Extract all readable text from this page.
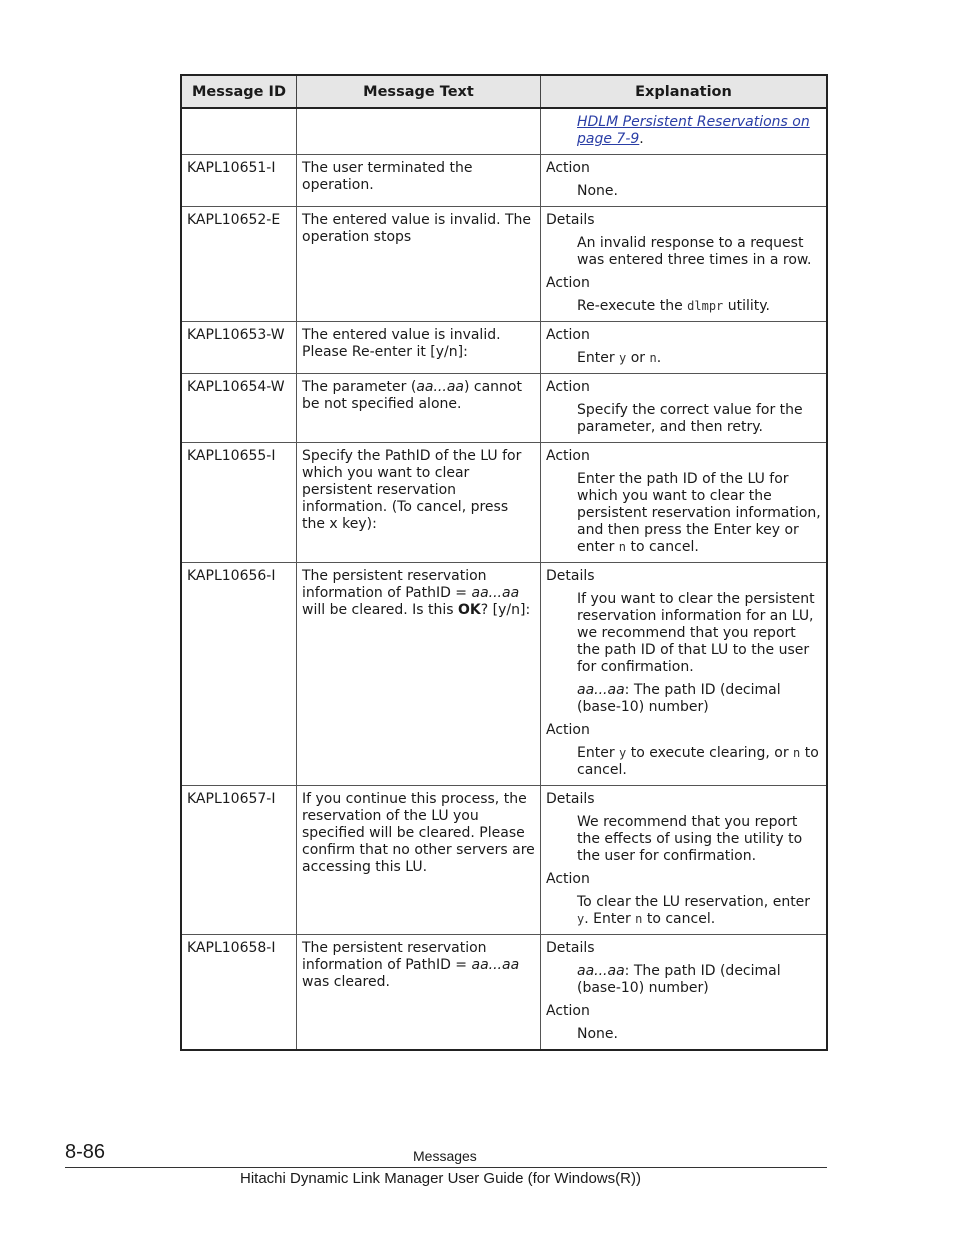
Message ID	Message Text	Explanation

		HDLM Persistent Reservations on page 7-9.

KAPL10651-I	The user terminated the operation.	Action

None.

KAPL10652-E	The entered value is invalid. The operation stops	Details

An invalid response to a request was entered three times in a row.

Action

Re-execute the dlmpr utility.

KAPL10653-W	The entered value is invalid. Please Re-enter it [y/n]:	Action

Enter y or n.

KAPL10654-W	The parameter (aa...aa) cannot be not specified alone.	Action

Specify the correct value for the parameter, and then retry.

KAPL10655-I	Specify the PathID of the LU for which you want to clear persistent reservation information. (To cancel, press the x key):	Action

Enter the path ID of the LU for which you want to clear the persistent reservation information, and then press the Enter key or enter n to cancel.

KAPL10656-I	The persistent reservation information of PathID = aa...aa will be cleared. Is this OK? [y/n]:	Details

If you want to clear the persistent reservation information for an LU, we recommend that you report the path ID of that LU to the user for confirmation.

aa...aa: The path ID (decimal (base-10) number)

Action

Enter y to execute clearing, or n to cancel.

KAPL10657-I	If you continue this process, the reservation of the LU you specified will be cleared. Please confirm that no other servers are accessing this LU.	Details

We recommend that you report the effects of using the utility to the user for confirmation.

Action

To clear the LU reservation, enter y. Enter n to cancel.

KAPL10658-I	The persistent reservation information of PathID = aa...aa was cleared.	Details

aa...aa: The path ID (decimal (base-10) number)

Action

None.

8-86	Messages
Hitachi Dynamic Link Manager User Guide (for Windows(R))
